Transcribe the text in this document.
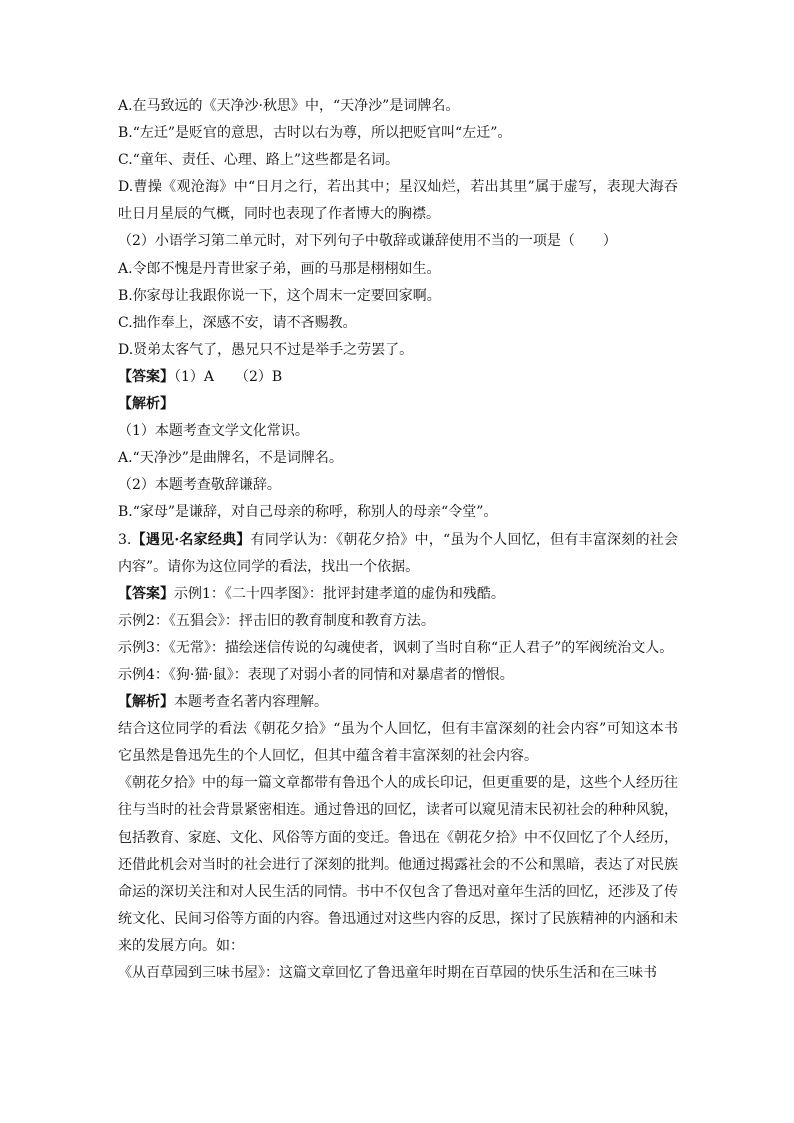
A.在马致远的《天净沙·秋思》中，“天净沙”是词牌名。

B.“左迁”是贬官的意思，古时以右为尊，所以把贬官叫“左迁”。

C.“童年、责任、心理、路上”这些都是名词。

D.曹操《观沧海》中“日月之行，若出其中；星汉灿烂，若出其里”属于虚写，表现大海吞吐日月星辰的气概，同时也表现了作者博大的胸襟。

（2）小语学习第二单元时，对下列句子中敬辞或谦辞使用不当的一项是（　　）

A.令郎不愧是丹青世家子弟，画的马那是栩栩如生。

B.你家母让我跟你说一下，这个周末一定要回家啊。

C.拙作奉上，深感不安，请不吝赐教。

D.贤弟太客气了，愚兄只不过是举手之劳罢了。

【答案】（1）A　　（2）B

【解析】

（1）本题考查文学文化常识。

A.“天净沙”是曲牌名，不是词牌名。

（2）本题考查敬辞谦辞。

B.“家母”是谦辞，对自己母亲的称呼，称别人的母亲“令堂”。

3.【遇见·名家经典】有同学认为：《朝花夕拾》中，“虽为个人回忆，但有丰富深刻的社会内容”。请你为这位同学的看法，找出一个依据。

【答案】示例1：《二十四孝图》：批评封建孝道的虚伪和残酷。

示例2：《五猖会》：抨击旧的教育制度和教育方法。

示例3：《无常》：描绘迷信传说的勾魂使者，讽刺了当时自称“正人君子”的军阀统治文人。

示例4：《狗·猫·鼠》：表现了对弱小者的同情和对暴虐者的憎恨。

【解析】本题考查名著内容理解。

结合这位同学的看法《朝花夕拾》“虽为个人回忆，但有丰富深刻的社会内容”可知这本书它虽然是鲁迅先生的个人回忆，但其中蕴含着丰富深刻的社会内容。

《朝花夕拾》中的每一篇文章都带有鲁迅个人的成长印记，但更重要的是，这些个人经历往往与当时的社会背景紧密相连。通过鲁迅的回忆，读者可以窥见清末民初社会的种种风貌，包括教育、家庭、文化、风俗等方面的变迁。鲁迅在《朝花夕拾》中不仅回忆了个人经历，还借此机会对当时的社会进行了深刻的批判。他通过揭露社会的不公和黑暗，表达了对民族命运的深切关注和对人民生活的同情。书中不仅包含了鲁迅对童年生活的回忆，还涉及了传统文化、民间习俗等方面的内容。鲁迅通过对这些内容的反思，探讨了民族精神的内涵和未来的发展方向。如：

《从百草园到三味书屋》：这篇文章回忆了鲁迅童年时期在百草园的快乐生活和在三味书
